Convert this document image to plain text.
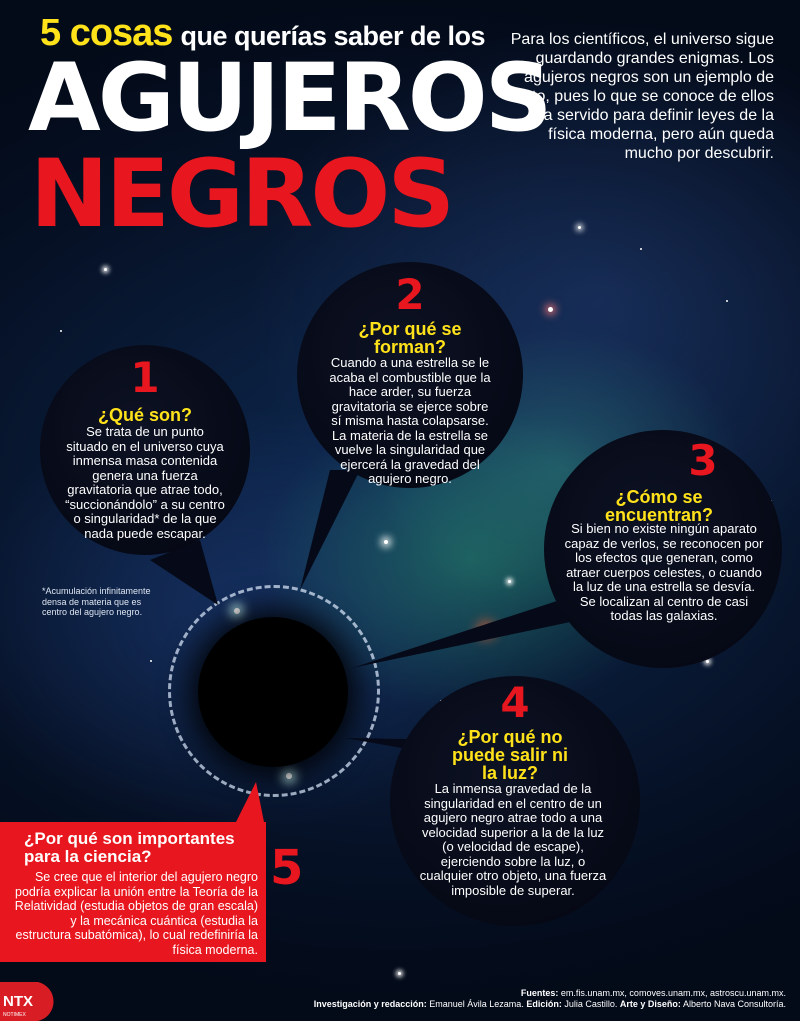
5 cosas que querías saber de los
AGUJEROS
NEGROS
Para los científicos, el universo sigue guardando grandes enigmas. Los agujeros negros son un ejemplo de esto, pues lo que se conoce de ellos ha servido para definir leyes de la física moderna, pero aún queda mucho por descubrir.
1
¿Qué son?
Se trata de un punto situado en el universo cuya inmensa masa contenida genera una fuerza gravitatoria que atrae todo, “succionándolo” a su centro o singularidad* de la que nada puede escapar.
2
¿Por qué se forman?
Cuando a una estrella se le acaba el combustible que la hace arder, su fuerza gravitatoria se ejerce sobre sí misma hasta colapsarse. La materia de la estrella se vuelve la singularidad que ejercerá la gravedad del agujero negro.	3
¿Cómo se encuentran?
Si bien no existe ningún aparato capaz de verlos, se reconocen por los efectos que generan, como atraer cuerpos celestes, o cuando la luz de una estrella se desvía. Se localizan al centro de casi todas las galaxias.
4
¿Por qué no puede salir ni la luz?
La inmensa gravedad de la singularidad en el centro de un agujero negro atrae todo a una velocidad superior a la de la luz (o velocidad de escape), ejerciendo sobre la luz, o cualquier otro objeto, una fuerza imposible de superar.
*Acumulación infinitamente densa de materia que es centro del agujero negro.
¿Por qué son importantes para la ciencia?
Se cree que el interior del agujero negro podría explicar la unión entre la Teoría de la Relatividad (estudia objetos de gran escala) y la mecánica cuántica (estudia la estructura subatómica), lo cual redefiniría la física moderna.
5
NTX
NOTIMEX
Fuentes: em.fis.unam.mx, comoves.unam.mx, astroscu.unam.mx.
Investigación y redacción: Emanuel Ávila Lezama. Edición: Julia Castillo. Arte y Diseño: Alberto Nava Consultoría.
